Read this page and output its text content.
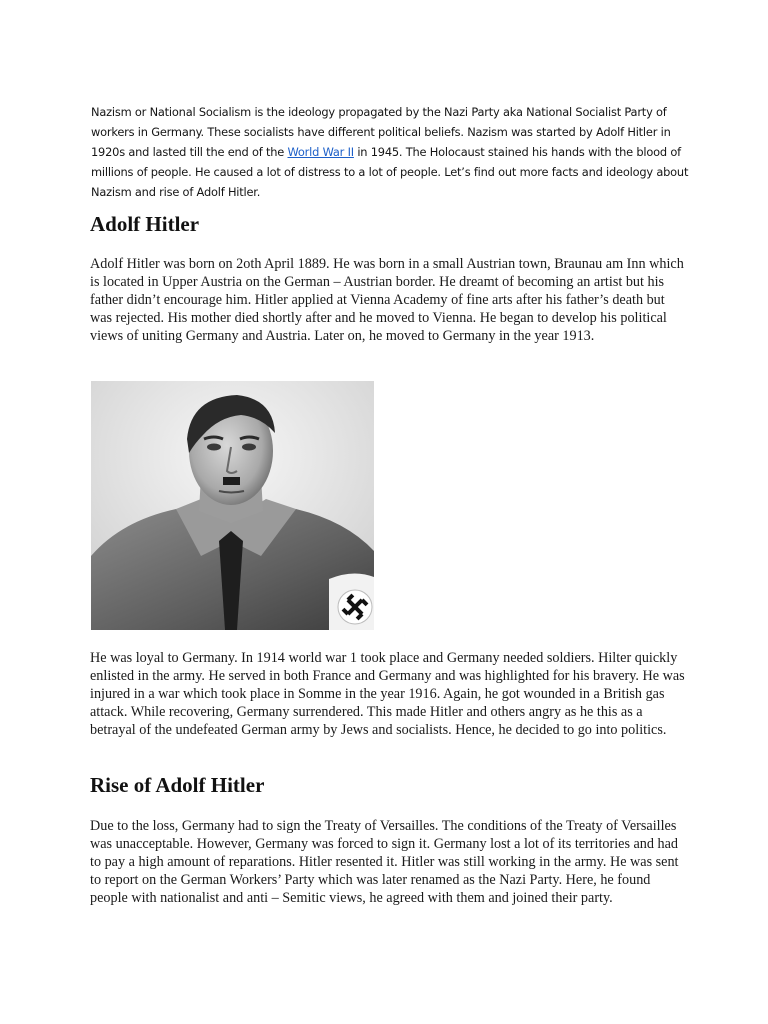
Nazism or National Socialism is the ideology propagated by the Nazi Party aka National Socialist Party of workers in Germany. These socialists have different political beliefs. Nazism was started by Adolf Hitler in 1920s and lasted till the end of the World War II in 1945. The Holocaust stained his hands with the blood of millions of people. He caused a lot of distress to a lot of people. Let’s find out more facts and ideology about Nazism and rise of Adolf Hitler.

Adolf Hitler

Adolf Hitler was born on 2oth April 1889. He was born in a small Austrian town, Braunau am Inn which is located in Upper Austria on the German – Austrian border. He dreamt of becoming an artist but his father didn’t encourage him. Hitler applied at Vienna Academy of fine arts after his father’s death but was rejected. His mother died shortly after and he moved to Vienna. He began to develop his political views of uniting Germany and Austria. Later on, he moved to Germany in the year 1913.

He was loyal to Germany. In 1914 world war 1 took place and Germany needed soldiers. Hilter quickly enlisted in the army. He served in both France and Germany and was highlighted for his bravery. He was injured in a war which took place in Somme in the year 1916. Again, he got wounded in a British gas attack. While recovering, Germany surrendered. This made Hitler and others angry as he this as a betrayal of the undefeated German army by Jews and socialists. Hence, he decided to go into politics.

Rise of Adolf Hitler

Due to the loss, Germany had to sign the Treaty of Versailles. The conditions of the Treaty of Versailles was unacceptable. However, Germany was forced to sign it. Germany lost a lot of its territories and had to pay a high amount of reparations. Hitler resented it. Hitler was still working in the army. He was sent to report on the German Workers’ Party which was later renamed as the Nazi Party. Here, he found people with nationalist and anti – Semitic views, he agreed with them and joined their party.
